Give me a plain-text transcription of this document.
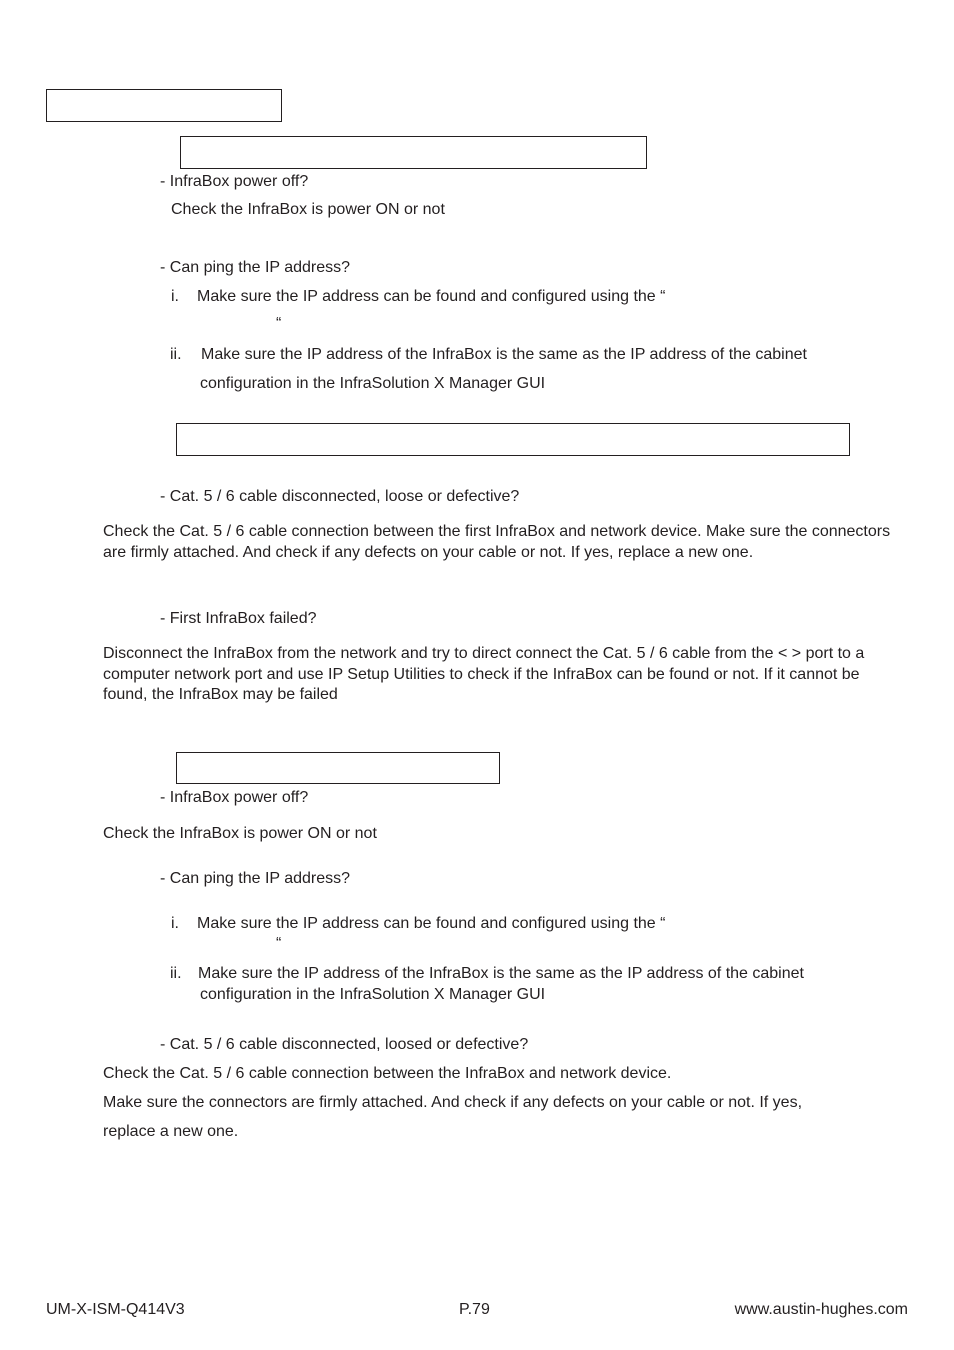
- InfraBox power off?

Check the InfraBox is power ON or not

- Can ping the IP address?

i. Make sure the IP address can be found and configured using the “

“

ii. Make sure the IP address of the InfraBox is the same as the IP address of the cabinet

configuration in the InfraSolution X Manager GUI

- Cat. 5 / 6 cable disconnected, loose or defective?

Check the Cat. 5 / 6 cable connection between the first InfraBox and network device. Make sure the connectors are firmly attached. And check if any defects on your cable or not. If yes, replace a new one.

- First InfraBox failed?

Disconnect the InfraBox from the network and try to direct connect the Cat. 5 / 6 cable from the < > port to a computer network port and use IP Setup Utilities to check if the InfraBox can be found or not. If it cannot be found, the InfraBox may be failed

- InfraBox power off?

Check the InfraBox is power ON or not

- Can ping the IP address?

i. Make sure the IP address can be found and configured using the “

“

ii. Make sure the IP address of the InfraBox is the same as the IP address of the cabinet

configuration in the InfraSolution X Manager GUI

- Cat. 5 / 6 cable disconnected, loosed or defective?

Check the Cat. 5 / 6 cable connection between the InfraBox and network device.

Make sure the connectors are firmly attached. And check if any defects on your cable or not. If yes,

replace a new one.

UM-X-ISM-Q414V3	P.79	www.austin-hughes.com
